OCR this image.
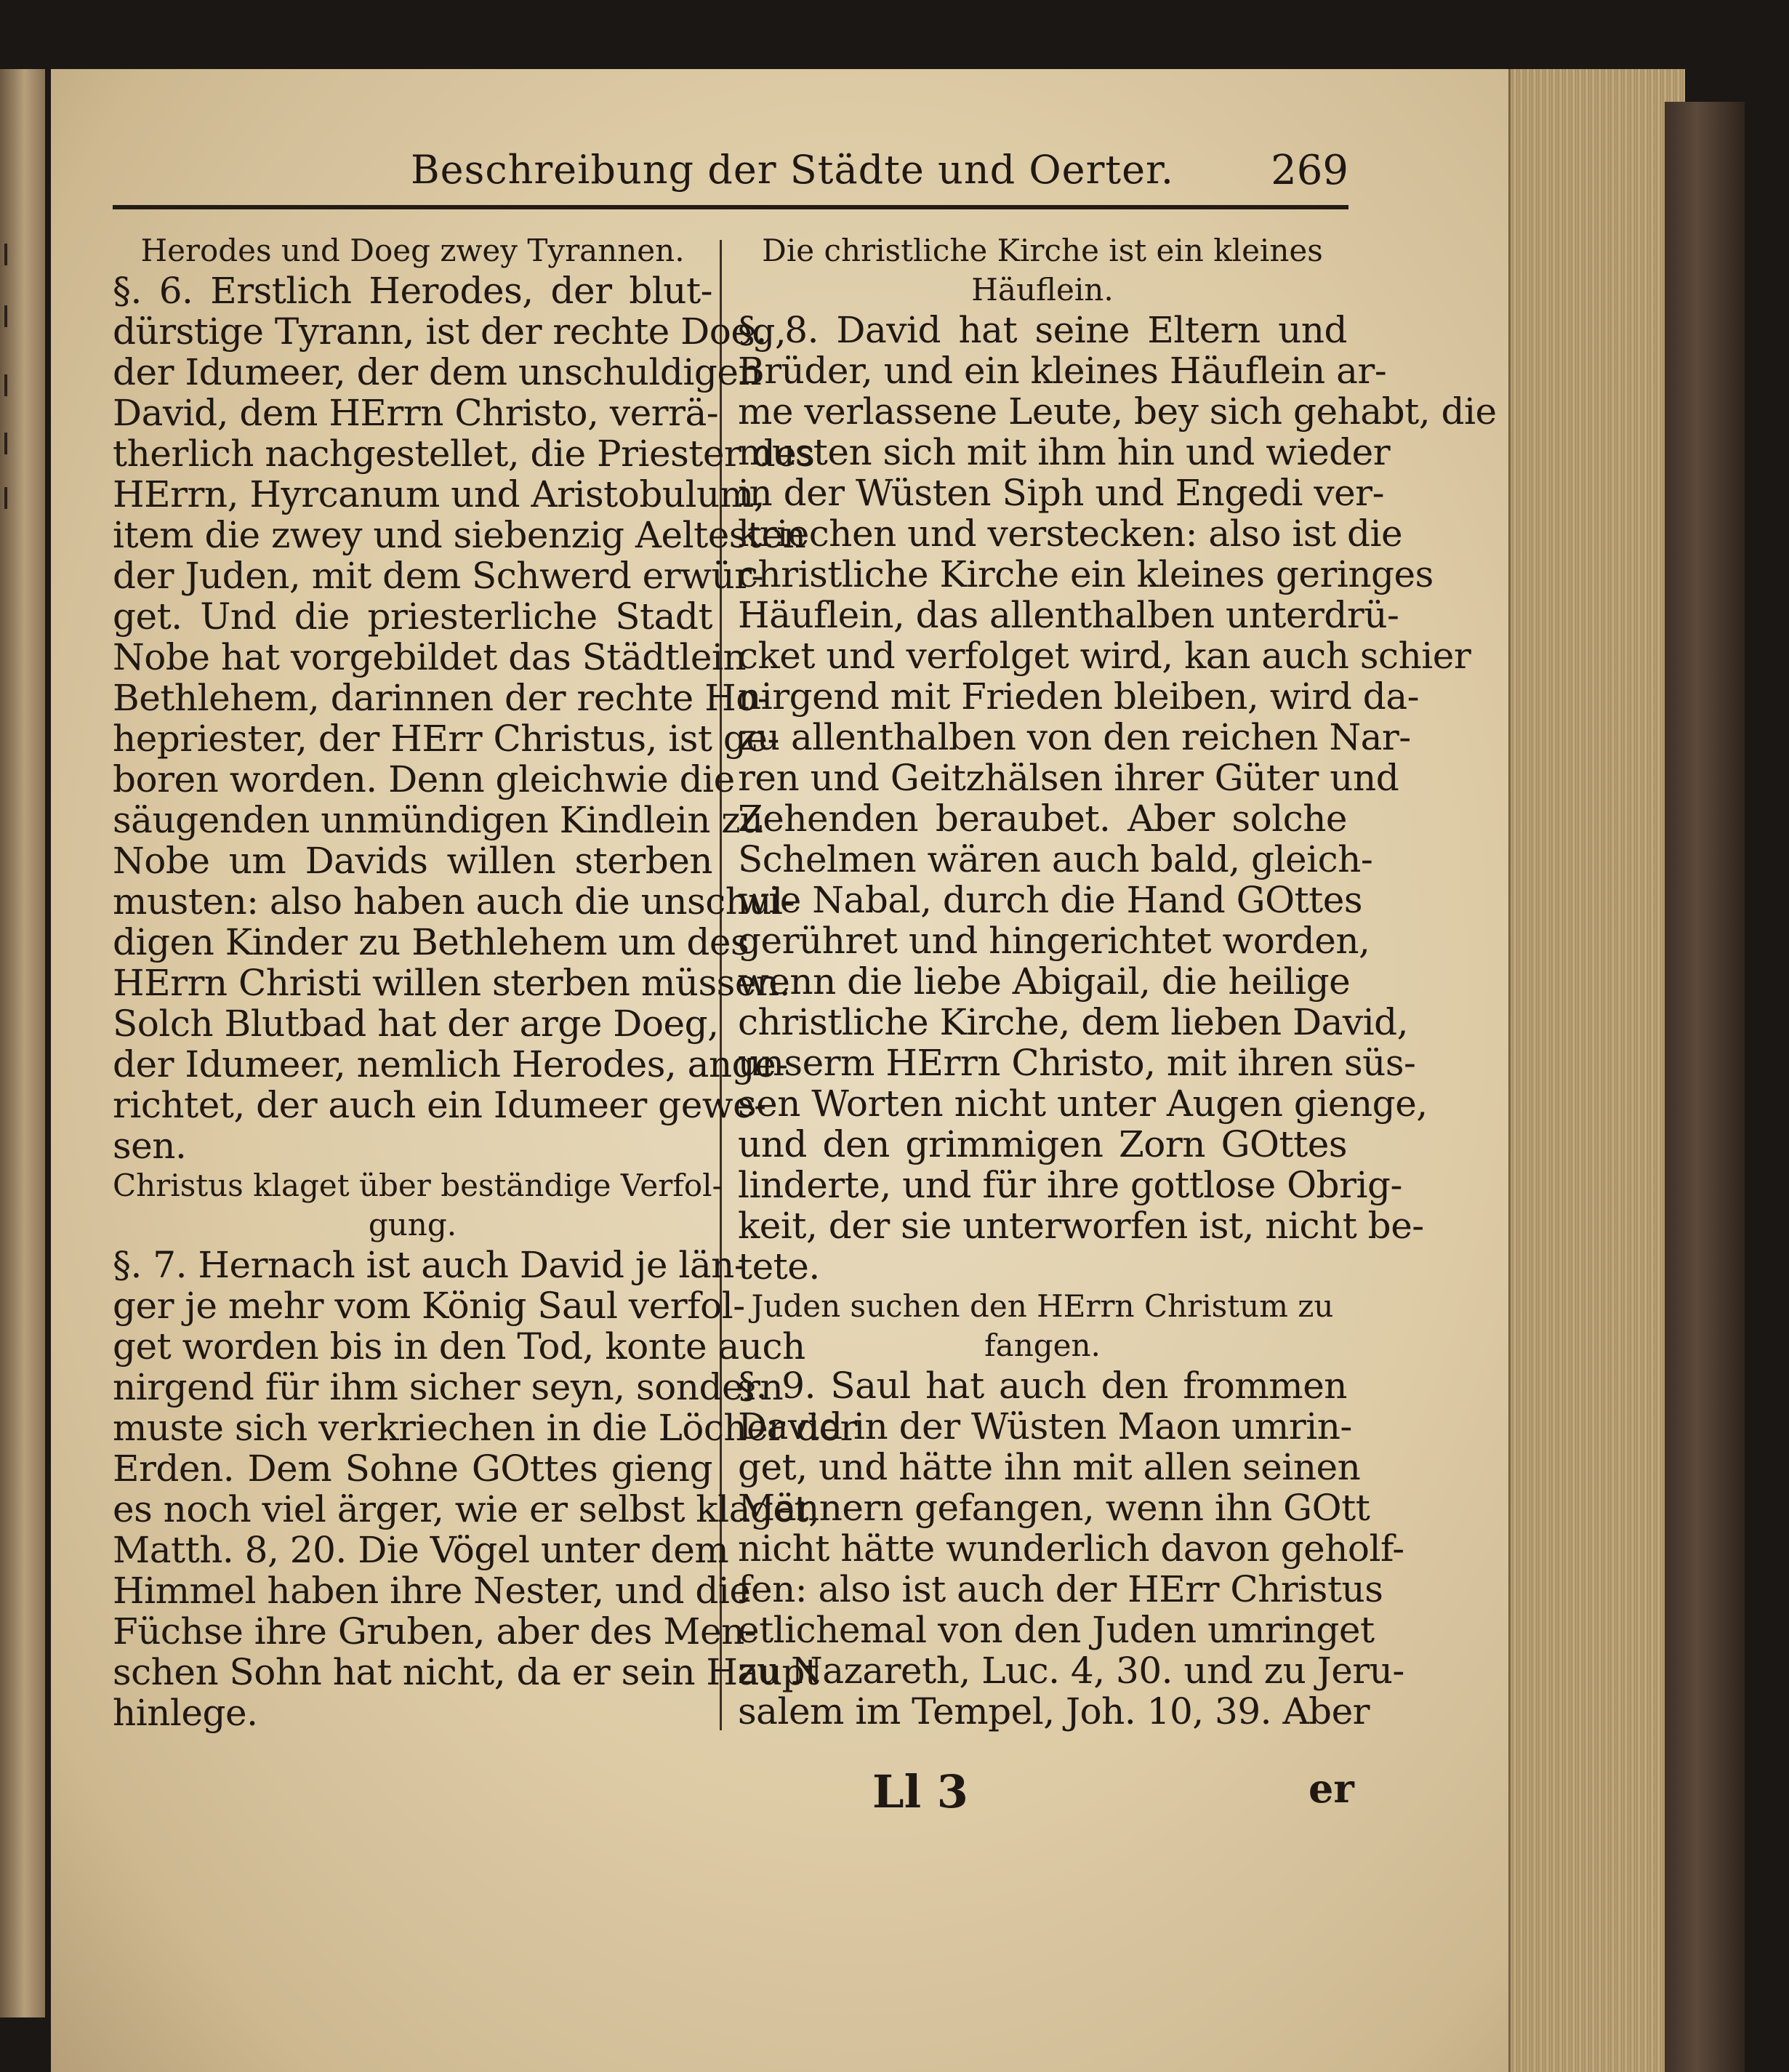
Beschreibung der Städte und Oerter. 269
Herodes und Doeg zwey Tyrannen.
§. 6. Erstlich Herodes, der blut-
dürstige Tyrann, ist der rechte Doeg,
der Idumeer, der dem unschuldigen
David, dem HErrn Christo, verrä-
therlich nachgestellet, die Priester des
HErrn, Hyrcanum und Aristobulum,
item die zwey und siebenzig Aeltesten
der Juden, mit dem Schwerd erwür-
get. Und die priesterliche Stadt
Nobe hat vorgebildet das Städtlein
Bethlehem, darinnen der rechte Ho-
hepriester, der HErr Christus, ist ge-
boren worden. Denn gleichwie die
säugenden unmündigen Kindlein zu
Nobe um Davids willen sterben
musten: also haben auch die unschul-
digen Kinder zu Bethlehem um des
HErrn Christi willen sterben müssen.
Solch Blutbad hat der arge Doeg,
der Idumeer, nemlich Herodes, ange-
richtet, der auch ein Idumeer gewe-
sen.
Christus klaget über beständige Verfol-
gung.
§. 7. Hernach ist auch David je län-
ger je mehr vom König Saul verfol-
get worden bis in den Tod, konte auch
nirgend für ihm sicher seyn, sondern
muste sich verkriechen in die Löcher der
Erden. Dem Sohne GOttes gieng
es noch viel ärger, wie er selbst klaget,
Matth. 8, 20. Die Vögel unter dem
Himmel haben ihre Nester, und die
Füchse ihre Gruben, aber des Men-
schen Sohn hat nicht, da er sein Haupt
hinlege.
Die christliche Kirche ist ein kleines
Häuflein.
§. 8. David hat seine Eltern und
Brüder, und ein kleines Häuflein ar-
me verlassene Leute, bey sich gehabt, die
musten sich mit ihm hin und wieder
in der Wüsten Siph und Engedi ver-
kriechen und verstecken: also ist die
christliche Kirche ein kleines geringes
Häuflein, das allenthalben unterdrü-
cket und verfolget wird, kan auch schier
nirgend mit Frieden bleiben, wird da-
zu allenthalben von den reichen Nar-
ren und Geitzhälsen ihrer Güter und
Zehenden beraubet. Aber solche
Schelmen wären auch bald, gleich-
wie Nabal, durch die Hand GOttes
gerühret und hingerichtet worden,
wenn die liebe Abigail, die heilige
christliche Kirche, dem lieben David,
unserm HErrn Christo, mit ihren süs-
sen Worten nicht unter Augen gienge,
und den grimmigen Zorn GOttes
linderte, und für ihre gottlose Obrig-
keit, der sie unterworfen ist, nicht be-
tete.
Juden suchen den HErrn Christum zu
fangen.
§. 9. Saul hat auch den frommen
David in der Wüsten Maon umrin-
get, und hätte ihn mit allen seinen
Männern gefangen, wenn ihn GOtt
nicht hätte wunderlich davon geholf-
fen: also ist auch der HErr Christus
etlichemal von den Juden umringet
zu Nazareth, Luc. 4, 30. und zu Jeru-
salem im Tempel, Joh. 10, 39. Aber
Ll 3	er
